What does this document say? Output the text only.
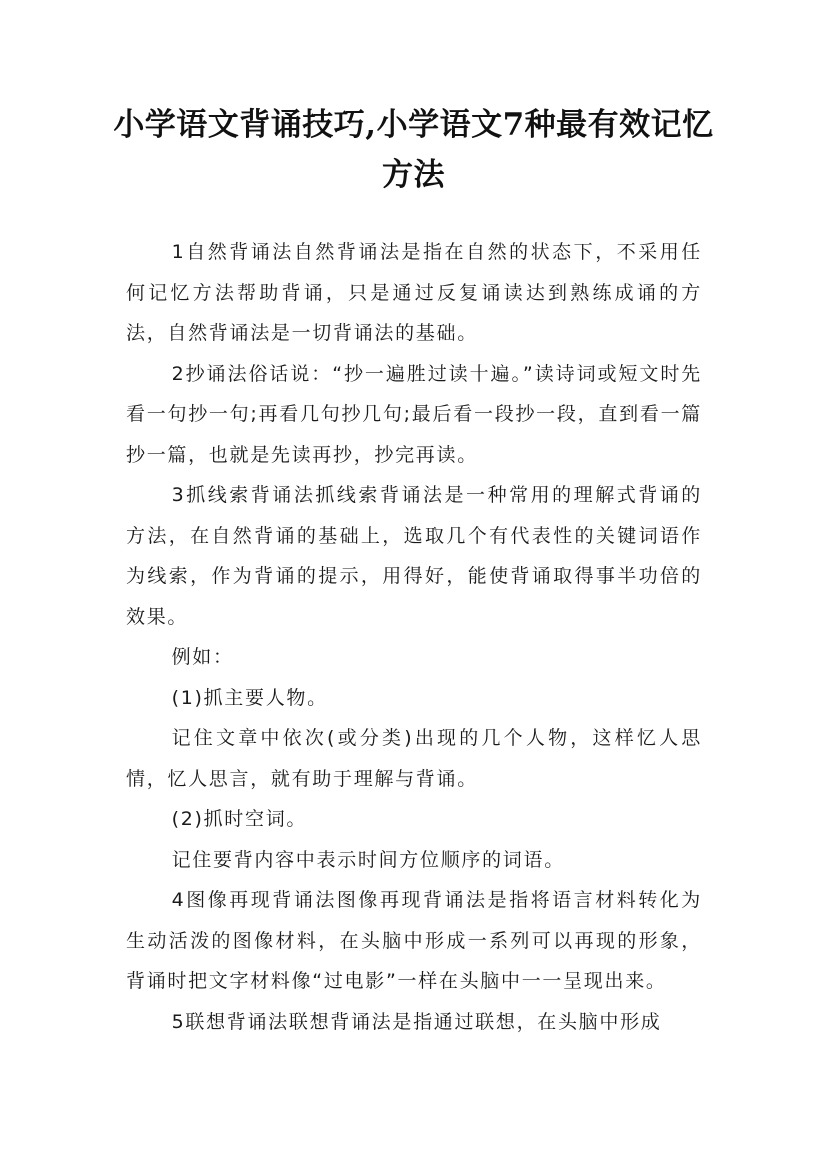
小学语文背诵技巧,小学语文7种最有效记忆方法

1自然背诵法自然背诵法是指在自然的状态下，不采用任何记忆方法帮助背诵，只是通过反复诵读达到熟练成诵的方法，自然背诵法是一切背诵法的基础。

2抄诵法俗话说：“抄一遍胜过读十遍。”读诗词或短文时先看一句抄一句;再看几句抄几句;最后看一段抄一段，直到看一篇抄一篇，也就是先读再抄，抄完再读。

3抓线索背诵法抓线索背诵法是一种常用的理解式背诵的方法，在自然背诵的基础上，选取几个有代表性的关键词语作为线索，作为背诵的提示，用得好，能使背诵取得事半功倍的效果。

例如：

(1)抓主要人物。

记住文章中依次(或分类)出现的几个人物，这样忆人思情，忆人思言，就有助于理解与背诵。

(2)抓时空词。

记住要背内容中表示时间方位顺序的词语。

4图像再现背诵法图像再现背诵法是指将语言材料转化为生动活泼的图像材料，在头脑中形成一系列可以再现的形象，背诵时把文字材料像“过电影”一样在头脑中一一呈现出来。

5联想背诵法联想背诵法是指通过联想，在头脑中形成
